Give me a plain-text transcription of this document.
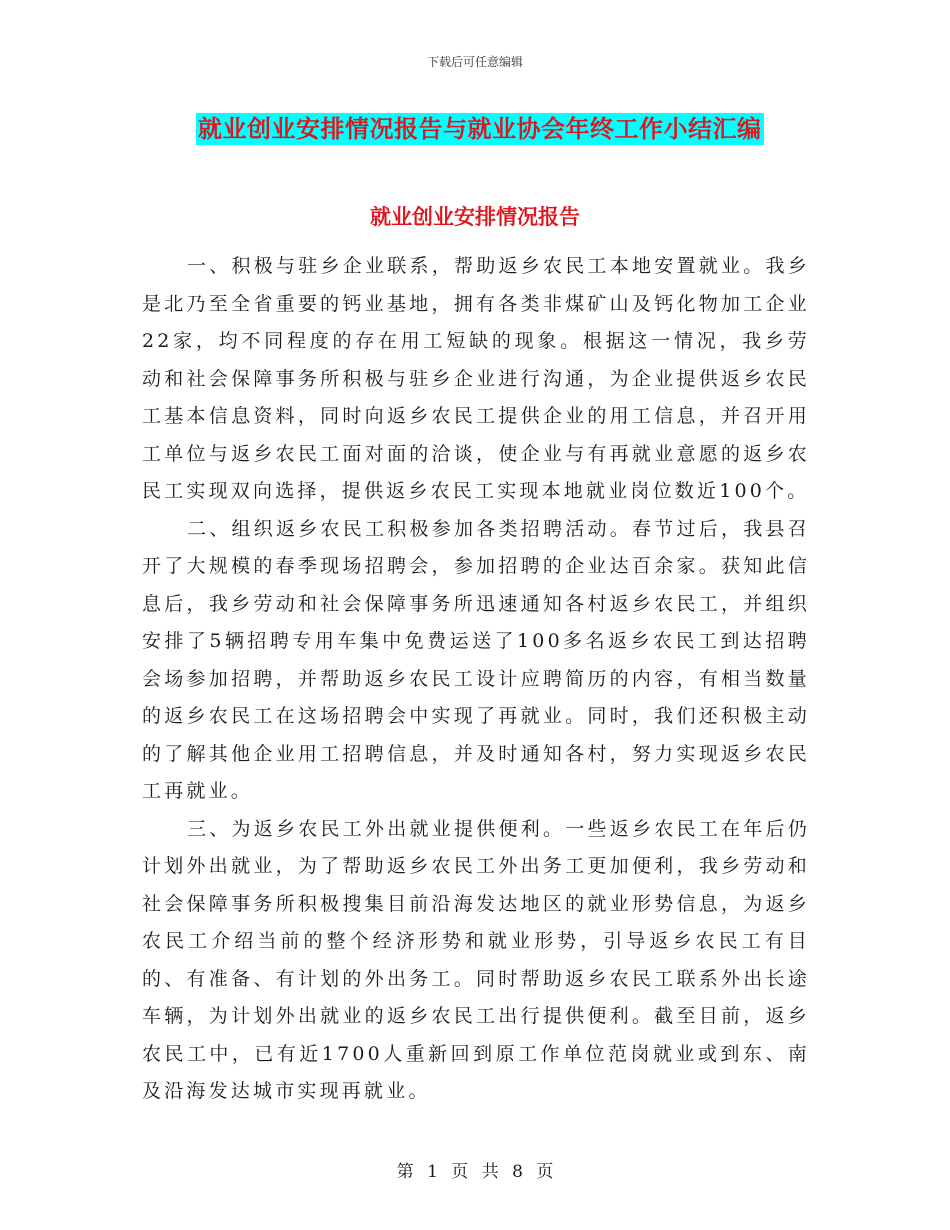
下载后可任意编辑
就业创业安排情况报告与就业协会年终工作小结汇编
就业创业安排情况报告

一、积极与驻乡企业联系，帮助返乡农民工本地安置就业。我乡是北乃至全省重要的钙业基地，拥有各类非煤矿山及钙化物加工企业22家，均不同程度的存在用工短缺的现象。根据这一情况，我乡劳动和社会保障事务所积极与驻乡企业进行沟通，为企业提供返乡农民工基本信息资料，同时向返乡农民工提供企业的用工信息，并召开用工单位与返乡农民工面对面的洽谈，使企业与有再就业意愿的返乡农民工实现双向选择，提供返乡农民工实现本地就业岗位数近100个。

二、组织返乡农民工积极参加各类招聘活动。春节过后，我县召开了大规模的春季现场招聘会，参加招聘的企业达百余家。获知此信息后，我乡劳动和社会保障事务所迅速通知各村返乡农民工，并组织安排了5辆招聘专用车集中免费运送了100多名返乡农民工到达招聘会场参加招聘，并帮助返乡农民工设计应聘简历的内容，有相当数量的返乡农民工在这场招聘会中实现了再就业。同时，我们还积极主动的了解其他企业用工招聘信息，并及时通知各村，努力实现返乡农民工再就业。

三、为返乡农民工外出就业提供便利。一些返乡农民工在年后仍计划外出就业，为了帮助返乡农民工外出务工更加便利，我乡劳动和社会保障事务所积极搜集目前沿海发达地区的就业形势信息，为返乡农民工介绍当前的整个经济形势和就业形势，引导返乡农民工有目的、有准备、有计划的外出务工。同时帮助返乡农民工联系外出长途车辆，为计划外出就业的返乡农民工出行提供便利。截至目前，返乡农民工中，已有近1700人重新回到原工作单位范岗就业或到东、南及沿海发达城市实现再就业。

第 1 页 共 8 页
